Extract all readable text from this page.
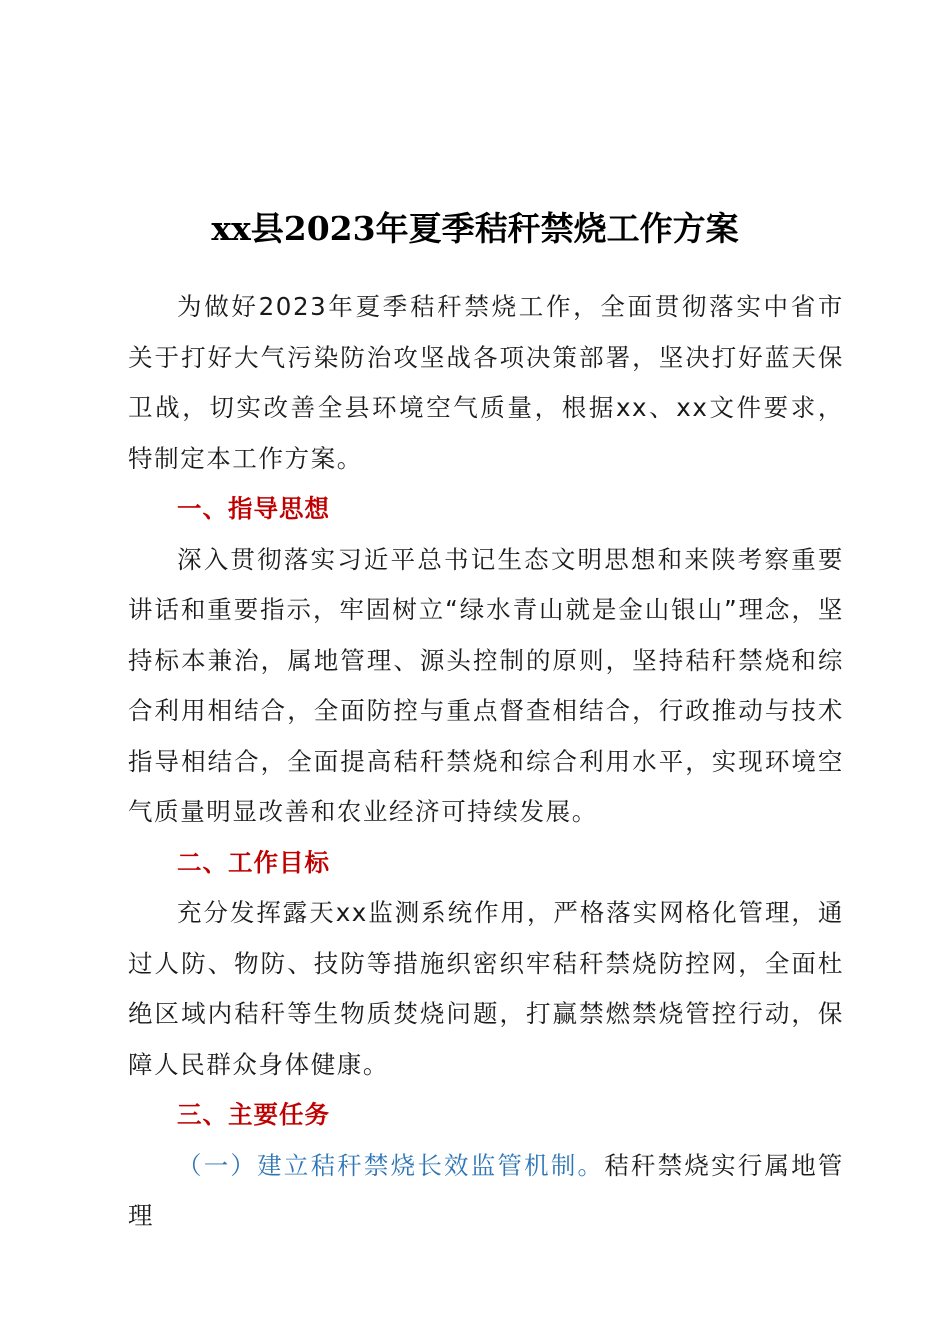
xx县2023年夏季秸秆禁烧工作方案

为做好2023年夏季秸秆禁烧工作，全面贯彻落实中省市关于打好大气污染防治攻坚战各项决策部署，坚决打好蓝天保卫战，切实改善全县环境空气质量，根据xx、xx文件要求，特制定本工作方案。

一、指导思想

深入贯彻落实习近平总书记生态文明思想和来陕考察重要讲话和重要指示，牢固树立“绿水青山就是金山银山”理念，坚持标本兼治，属地管理、源头控制的原则，坚持秸秆禁烧和综合利用相结合，全面防控与重点督查相结合，行政推动与技术指导相结合，全面提高秸秆禁烧和综合利用水平，实现环境空气质量明显改善和农业经济可持续发展。

二、工作目标

充分发挥露天xx监测系统作用，严格落实网格化管理，通过人防、物防、技防等措施织密织牢秸秆禁烧防控网，全面杜绝区域内秸秆等生物质焚烧问题，打赢禁燃禁烧管控行动，保障人民群众身体健康。

三、主要任务

（一）建立秸秆禁烧长效监管机制。秸秆禁烧实行属地管理
